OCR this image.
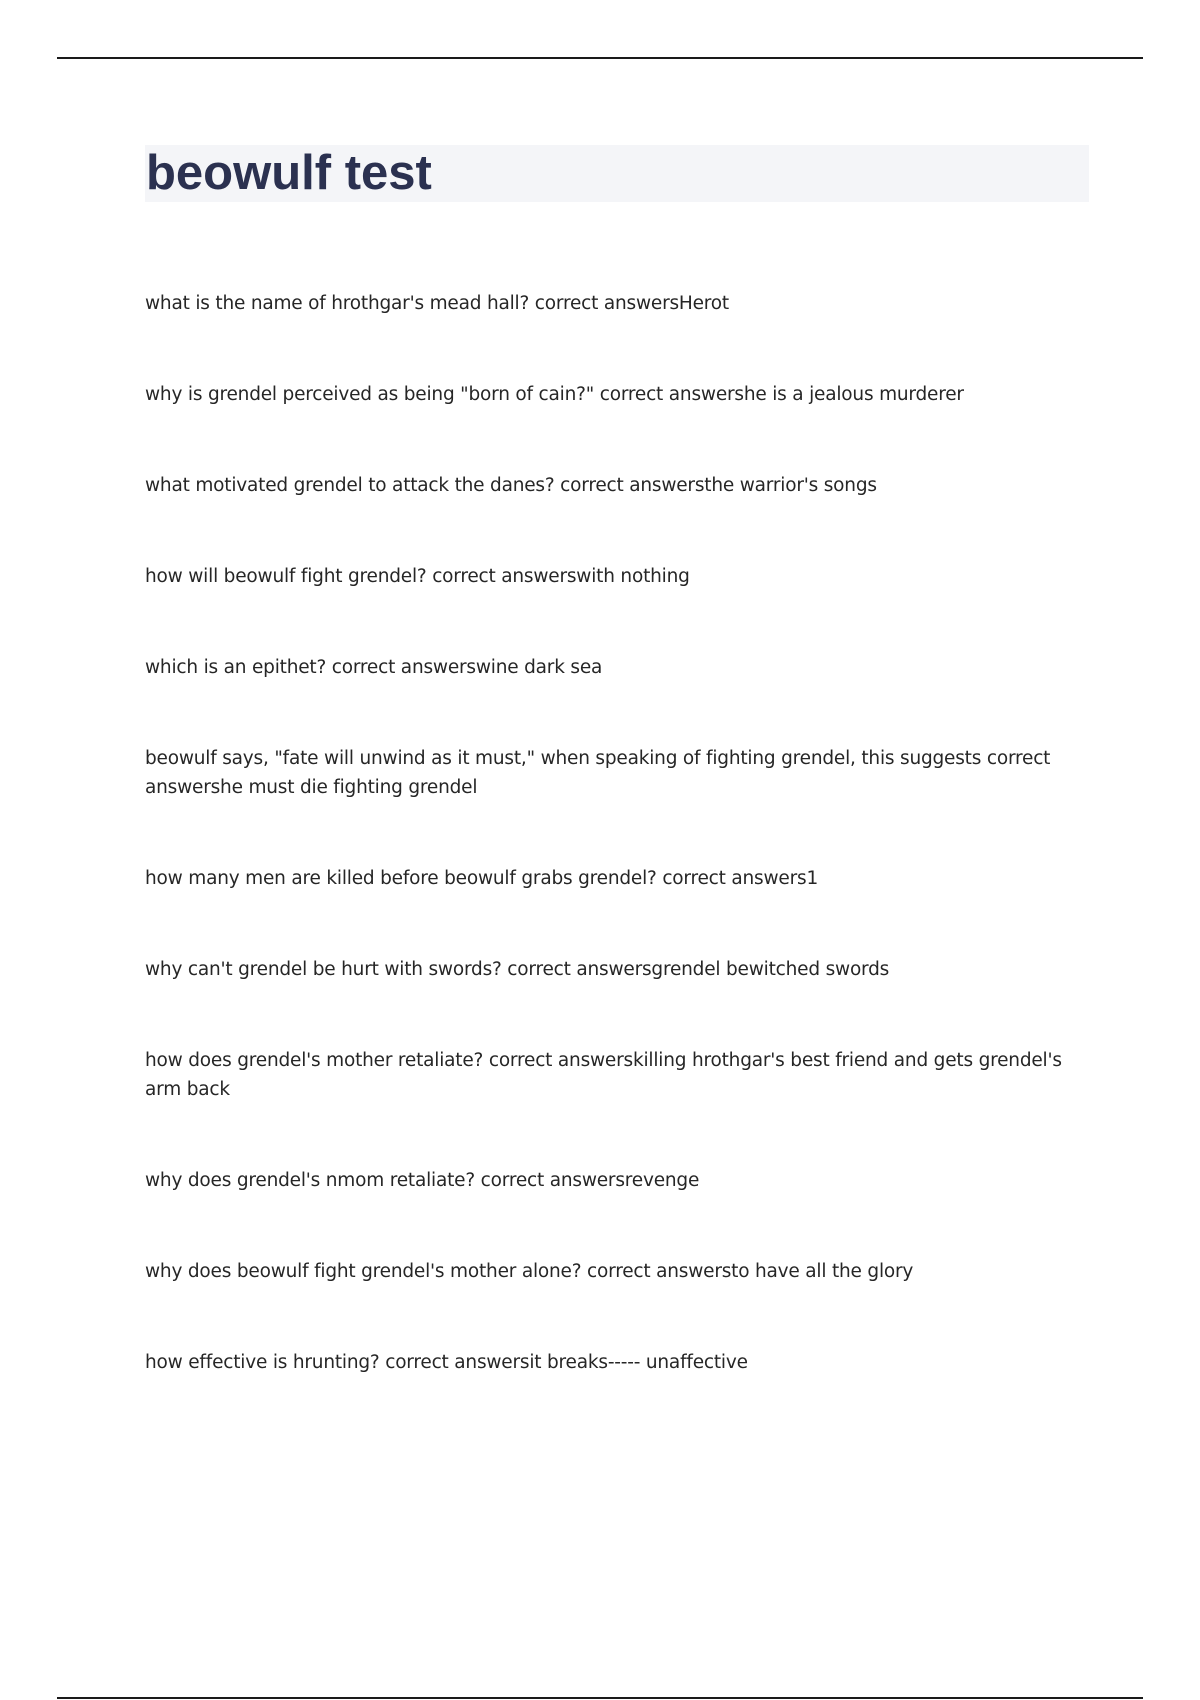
beowulf test
what is the name of hrothgar's mead hall? correct answersHerot
why is grendel perceived as being "born of cain?" correct answershe is a jealous murderer
what motivated grendel to attack the danes? correct answersthe warrior's songs
how will beowulf fight grendel? correct answerswith nothing
which is an epithet? correct answerswine dark sea
beowulf says, "fate will unwind as it must," when speaking of fighting grendel, this suggests correct answershe must die fighting grendel
how many men are killed before beowulf grabs grendel? correct answers1
why can't grendel be hurt with swords? correct answersgrendel bewitched swords
how does grendel's mother retaliate? correct answerskilling hrothgar's best friend and gets grendel's arm back
why does grendel's nmom retaliate? correct answersrevenge
why does beowulf fight grendel's mother alone? correct answersto have all the glory
how effective is hrunting? correct answersit breaks----- unaffective
